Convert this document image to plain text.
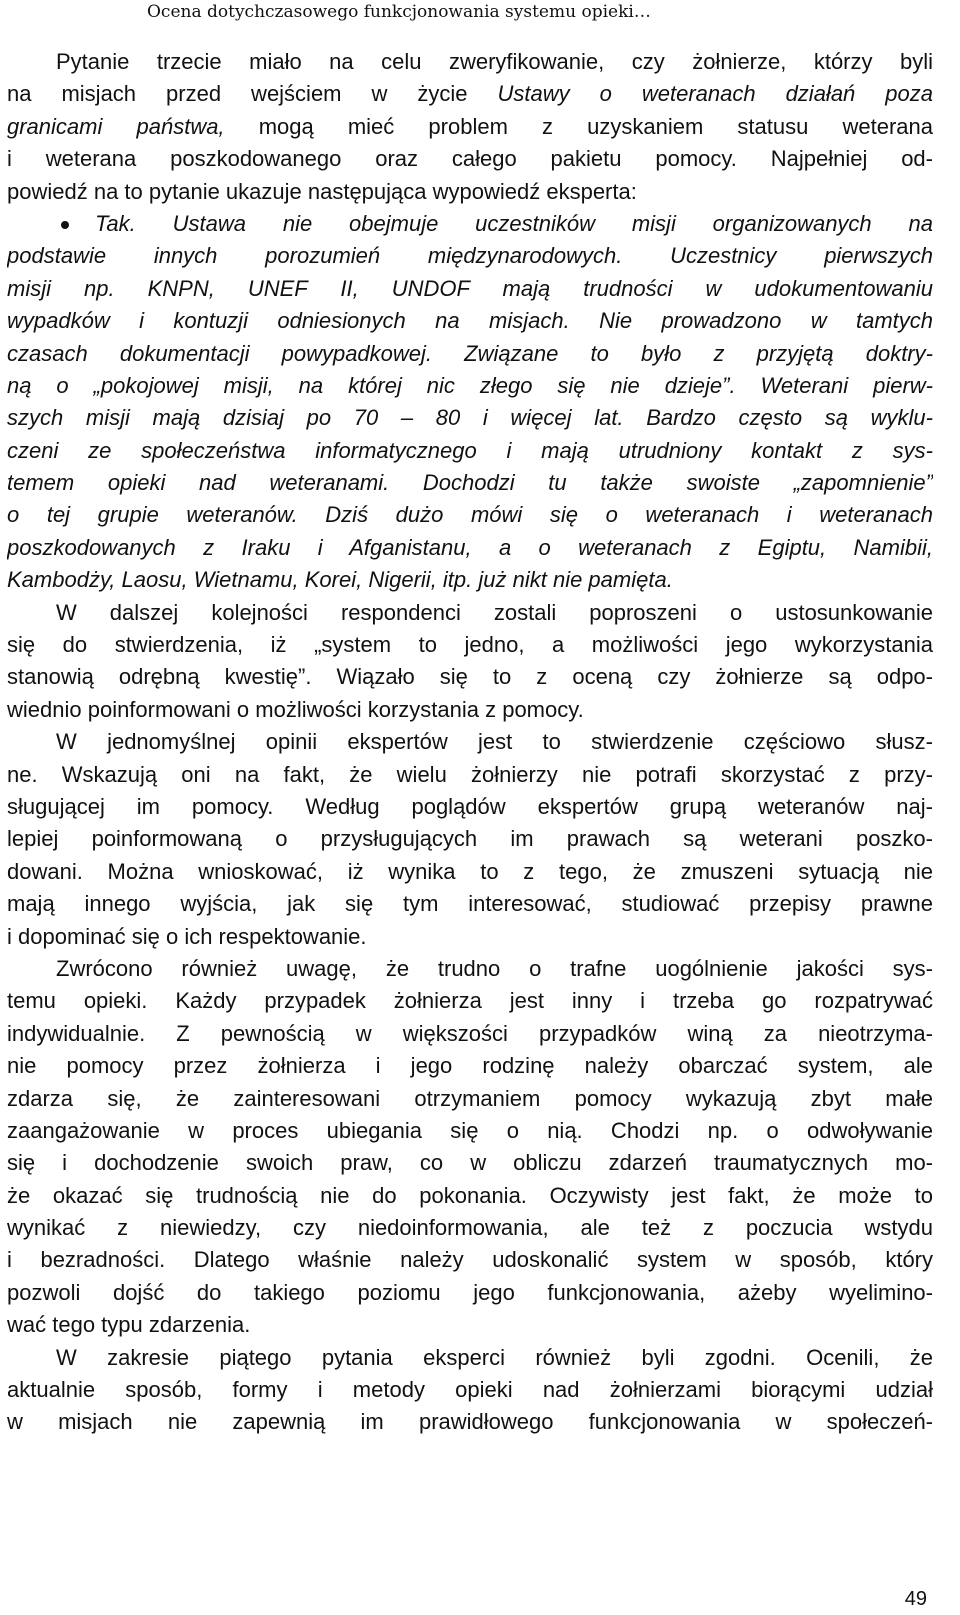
Ocena dotychczasowego funkcjonowania systemu opieki…
Pytanie trzecie miało na celu zweryfikowanie, czy żołnierze, którzy byli
na misjach przed wejściem w życie Ustawy o weteranach działań poza
granicami państwa, mogą mieć problem z uzyskaniem statusu weterana
i weterana poszkodowanego oraz całego pakietu pomocy. Najpełniej od-
powiedź na to pytanie ukazuje następująca wypowiedź eksperta:
Tak. Ustawa nie obejmuje uczestników misji organizowanych na
podstawie innych porozumień międzynarodowych. Uczestnicy pierwszych
misji np. KNPN, UNEF II, UNDOF mają trudności w udokumentowaniu
wypadków i kontuzji odniesionych na misjach. Nie prowadzono w tamtych
czasach dokumentacji powypadkowej. Związane to było z przyjętą doktry-
ną o „pokojowej misji, na której nic złego się nie dzieje”. Weterani pierw-
szych misji mają dzisiaj po 70 – 80 i więcej lat. Bardzo często są wyklu-
czeni ze społeczeństwa informatycznego i mają utrudniony kontakt z sys-
temem opieki nad weteranami. Dochodzi tu także swoiste „zapomnienie”
o tej grupie weteranów. Dziś dużo mówi się o weteranach i weteranach
poszkodowanych z Iraku i Afganistanu, a o weteranach z Egiptu, Namibii,
Kambodży, Laosu, Wietnamu, Korei, Nigerii, itp. już nikt nie pamięta.
W dalszej kolejności respondenci zostali poproszeni o ustosunkowanie
się do stwierdzenia, iż „system to jedno, a możliwości jego wykorzystania
stanowią odrębną kwestię”. Wiązało się to z oceną czy żołnierze są odpo-
wiednio poinformowani o możliwości korzystania z pomocy.
W jednomyślnej opinii ekspertów jest to stwierdzenie częściowo słusz-
ne. Wskazują oni na fakt, że wielu żołnierzy nie potrafi skorzystać z przy-
sługującej im pomocy. Według poglądów ekspertów grupą weteranów naj-
lepiej poinformowaną o przysługujących im prawach są weterani poszko-
dowani. Można wnioskować, iż wynika to z tego, że zmuszeni sytuacją nie
mają innego wyjścia, jak się tym interesować, studiować przepisy prawne
i dopominać się o ich respektowanie.
Zwrócono również uwagę, że trudno o trafne uogólnienie jakości sys-
temu opieki. Każdy przypadek żołnierza jest inny i trzeba go rozpatrywać
indywidualnie. Z pewnością w większości przypadków winą za nieotrzyma-
nie pomocy przez żołnierza i jego rodzinę należy obarczać system, ale
zdarza się, że zainteresowani otrzymaniem pomocy wykazują zbyt małe
zaangażowanie w proces ubiegania się o nią. Chodzi np. o odwoływanie
się i dochodzenie swoich praw, co w obliczu zdarzeń traumatycznych mo-
że okazać się trudnością nie do pokonania. Oczywisty jest fakt, że może to
wynikać z niewiedzy, czy niedoinformowania, ale też z poczucia wstydu
i bezradności. Dlatego właśnie należy udoskonalić system w sposób, który
pozwoli dojść do takiego poziomu jego funkcjonowania, ażeby wyelimino-
wać tego typu zdarzenia.
W zakresie piątego pytania eksperci również byli zgodni. Ocenili, że
aktualnie sposób, formy i metody opieki nad żołnierzami biorącymi udział
w misjach nie zapewnią im prawidłowego funkcjonowania w społeczeń-
49
